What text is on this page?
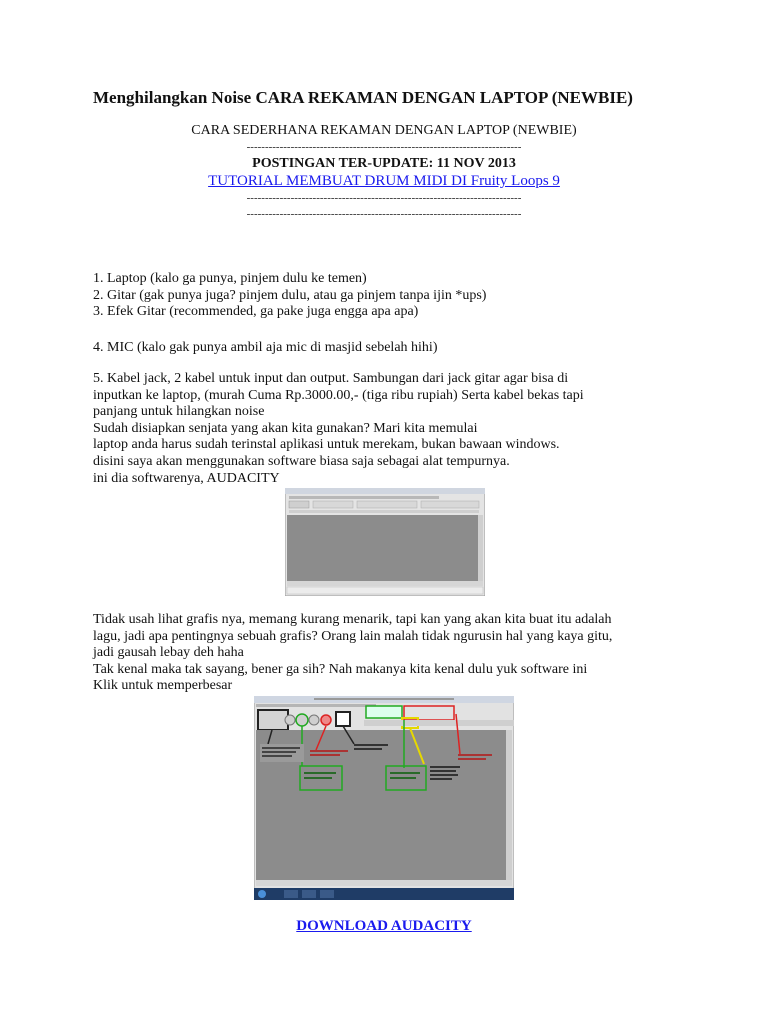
Menghilangkan Noise CARA REKAMAN DENGAN LAPTOP (NEWBIE)
CARA SEDERHANA REKAMAN DENGAN LAPTOP (NEWBIE)
---------------------------------------------------------------------------
POSTINGAN TER-UPDATE: 11 NOV 2013
TUTORIAL MEMBUAT DRUM MIDI DI Fruity Loops 9
---------------------------------------------------------------------------
---------------------------------------------------------------------------
1. Laptop (kalo ga punya, pinjem dulu ke temen)
2. Gitar (gak punya juga? pinjem dulu, atau ga pinjem tanpa ijin *ups)
3. Efek Gitar (recommended, ga pake juga engga apa apa)
4. MIC (kalo gak punya ambil aja mic di masjid sebelah hihi)
5. Kabel jack, 2 kabel untuk input dan output. Sambungan dari jack gitar agar bisa di
inputkan ke laptop, (murah Cuma Rp.3000.00,- (tiga ribu rupiah) Serta kabel bekas tapi
panjang untuk hilangkan noise
Sudah disiapkan senjata yang akan kita gunakan? Mari kita memulai
laptop anda harus sudah terinstal aplikasi untuk merekam, bukan bawaan windows.
disini saya akan menggunakan software biasa saja sebagai alat tempurnya.
ini dia softwarenya, AUDACITY
Tidak usah lihat grafis nya, memang kurang menarik, tapi kan yang akan kita buat itu adalah
lagu, jadi apa pentingnya sebuah grafis? Orang lain malah tidak ngurusin hal yang kaya gitu,
jadi gausah lebay deh haha
Tak kenal maka tak sayang, bener ga sih? Nah makanya kita kenal dulu yuk software ini
Klik untuk memperbesar
DOWNLOAD AUDACITY
